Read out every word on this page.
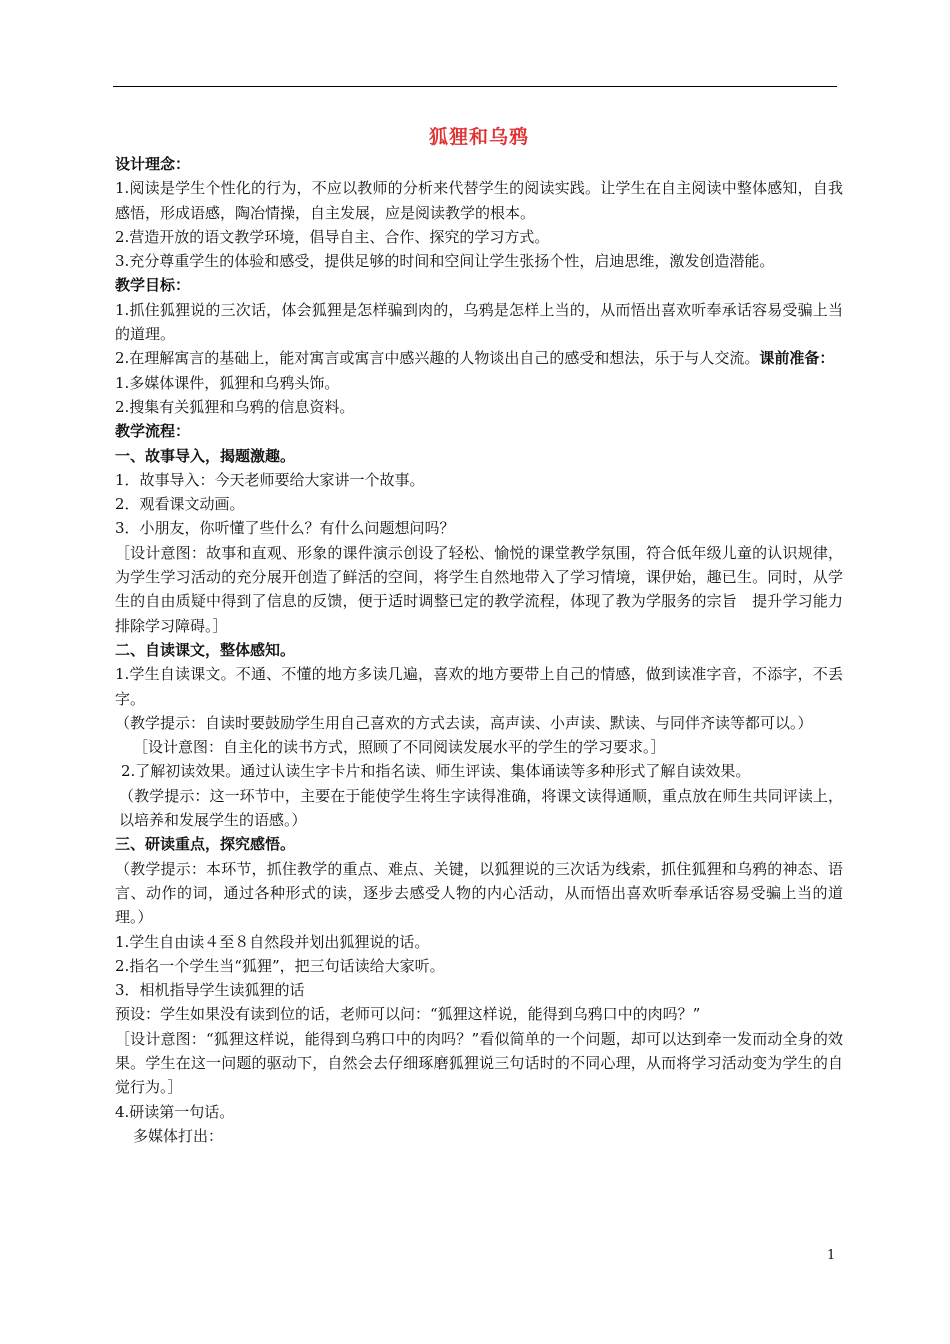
狐狸和乌鸦

设计理念：

1.阅读是学生个性化的行为，不应以教师的分析来代替学生的阅读实践。让学生在自主阅读中整体感知，自我感悟，形成语感，陶冶情操，自主发展，应是阅读教学的根本。

2.营造开放的语文教学环境，倡导自主、合作、探究的学习方式。

3.充分尊重学生的体验和感受，提供足够的时间和空间让学生张扬个性，启迪思维，激发创造潜能。

教学目标：

1.抓住狐狸说的三次话，体会狐狸是怎样骗到肉的，乌鸦是怎样上当的，从而悟出喜欢听奉承话容易受骗上当的道理。

2.在理解寓言的基础上，能对寓言或寓言中感兴趣的人物谈出自己的感受和想法，乐于与人交流。课前准备：

1.多媒体课件，狐狸和乌鸦头饰。

2.搜集有关狐狸和乌鸦的信息资料。

教学流程：

一、故事导入，揭题激趣。

1．故事导入：今天老师要给大家讲一个故事。

2．观看课文动画。

3．小朋友，你听懂了些什么？有什么问题想问吗？

［设计意图：故事和直观、形象的课件演示创设了轻松、愉悦的课堂教学氛围，符合低年级儿童的认识规律，为学生学习活动的充分展开创造了鲜活的空间，将学生自然地带入了学习情境，课伊始，趣已生。同时，从学生的自由质疑中得到了信息的反馈，便于适时调整已定的教学流程，体现了教为学服务的宗旨　提升学习能力 排除学习障碍。］

二、自读课文，整体感知。

1.学生自读课文。不通、不懂的地方多读几遍，喜欢的地方要带上自己的情感，做到读准字音，不添字，不丢字。

（教学提示：自读时要鼓励学生用自己喜欢的方式去读，高声读、小声读、默读、与同伴齐读等都可以。）

［设计意图：自主化的读书方式，照顾了不同阅读发展水平的学生的学习要求。］

2.了解初读效果。通过认读生字卡片和指名读、师生评读、集体诵读等多种形式了解自读效果。

（教学提示：这一环节中，主要在于能使学生将生字读得准确，将课文读得通顺，重点放在师生共同评读上，以培养和发展学生的语感。）

三、研读重点，探究感悟。

（教学提示：本环节，抓住教学的重点、难点、关键，以狐狸说的三次话为线索，抓住狐狸和乌鸦的神态、语言、动作的词，通过各种形式的读，逐步去感受人物的内心活动，从而悟出喜欢听奉承话容易受骗上当的道理。）

1.学生自由读４至８自然段并划出狐狸说的话。

2.指名一个学生当“狐狸”，把三句话读给大家听。

3．相机指导学生读狐狸的话

预设：学生如果没有读到位的话，老师可以问：“狐狸这样说，能得到乌鸦口中的肉吗？”

［设计意图：“狐狸这样说，能得到乌鸦口中的肉吗？”看似简单的一个问题，却可以达到牵一发而动全身的效果。学生在这一问题的驱动下，自然会去仔细琢磨狐狸说三句话时的不同心理，从而将学习活动变为学生的自觉行为。］

4.研读第一句话。

多媒体打出：

1
